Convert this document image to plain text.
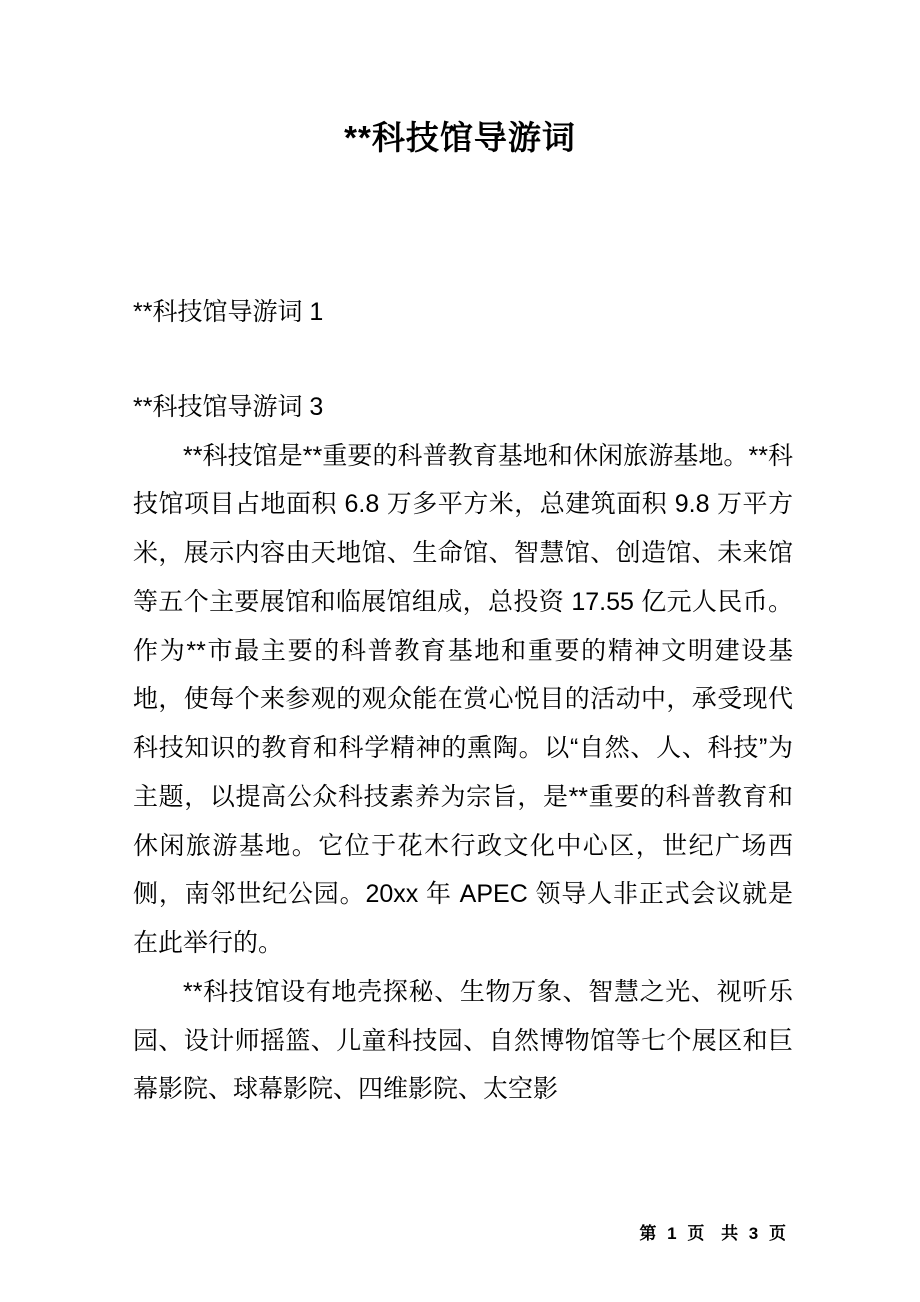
**科技馆导游词

**科技馆导游词 1

**科技馆导游词 3

**科技馆是**重要的科普教育基地和休闲旅游基地。**科技馆项目占地面积 6.8 万多平方米，总建筑面积 9.8 万平方米，展示内容由天地馆、生命馆、智慧馆、创造馆、未来馆等五个主要展馆和临展馆组成，总投资 17.55 亿元人民币。作为**市最主要的科普教育基地和重要的精神文明建设基地，使每个来参观的观众能在赏心悦目的活动中，承受现代科技知识的教育和科学精神的熏陶。以“自然、人、科技”为主题，以提高公众科技素养为宗旨，是**重要的科普教育和休闲旅游基地。它位于花木行政文化中心区，世纪广场西侧，南邻世纪公园。20xx 年 APEC 领导人非正式会议就是在此举行的。

**科技馆设有地壳探秘、生物万象、智慧之光、视听乐园、设计师摇篮、儿童科技园、自然博物馆等七个展区和巨幕影院、球幕影院、四维影院、太空影

第 1 页 共 3 页
